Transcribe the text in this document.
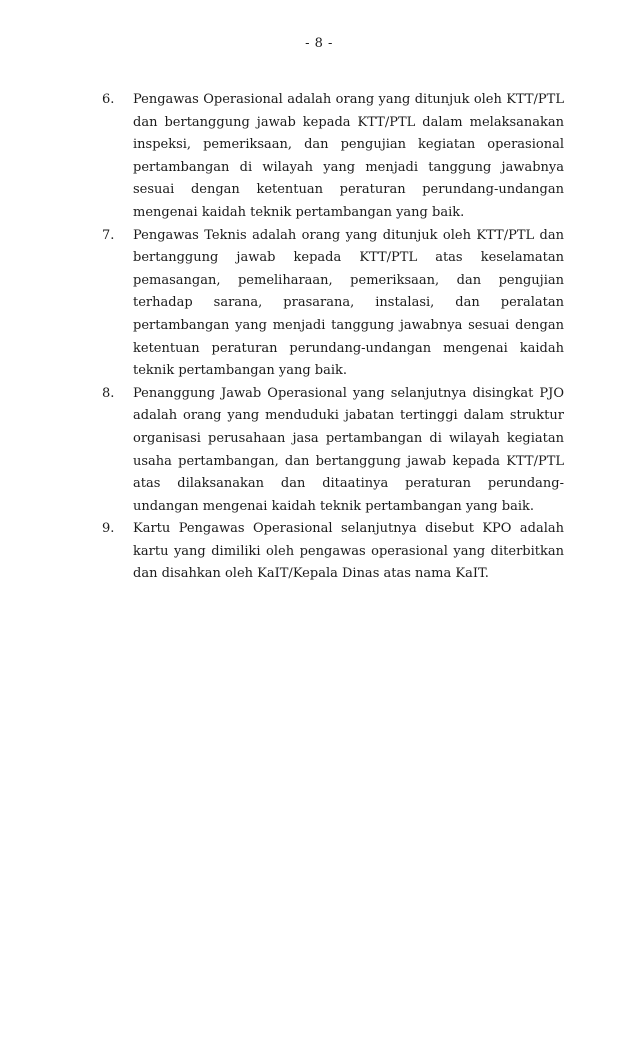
- 8 -
6. Pengawas Operasional adalah orang yang ditunjuk oleh KTT/PTL dan bertanggung jawab kepada KTT/PTL dalam melaksanakan inspeksi, pemeriksaan, dan pengujian kegiatan operasional pertambangan di wilayah yang menjadi tanggung jawabnya sesuai dengan ketentuan peraturan perundang-undangan mengenai kaidah teknik pertambangan yang baik.
7. Pengawas Teknis adalah orang yang ditunjuk oleh KTT/PTL dan bertanggung jawab kepada KTT/PTL atas keselamatan pemasangan, pemeliharaan, pemeriksaan, dan pengujian terhadap sarana, prasarana, instalasi, dan peralatan pertambangan yang menjadi tanggung jawabnya sesuai dengan ketentuan peraturan perundang-undangan mengenai kaidah teknik pertambangan yang baik.
8. Penanggung Jawab Operasional yang selanjutnya disingkat PJO adalah orang yang menduduki jabatan tertinggi dalam struktur organisasi perusahaan jasa pertambangan di wilayah kegiatan usaha pertambangan, dan bertanggung jawab kepada KTT/PTL atas dilaksanakan dan ditaatinya peraturan perundang-undangan mengenai kaidah teknik pertambangan yang baik.
9. Kartu Pengawas Operasional selanjutnya disebut KPO adalah kartu yang dimiliki oleh pengawas operasional yang diterbitkan dan disahkan oleh KaIT/Kepala Dinas atas nama KaIT.
